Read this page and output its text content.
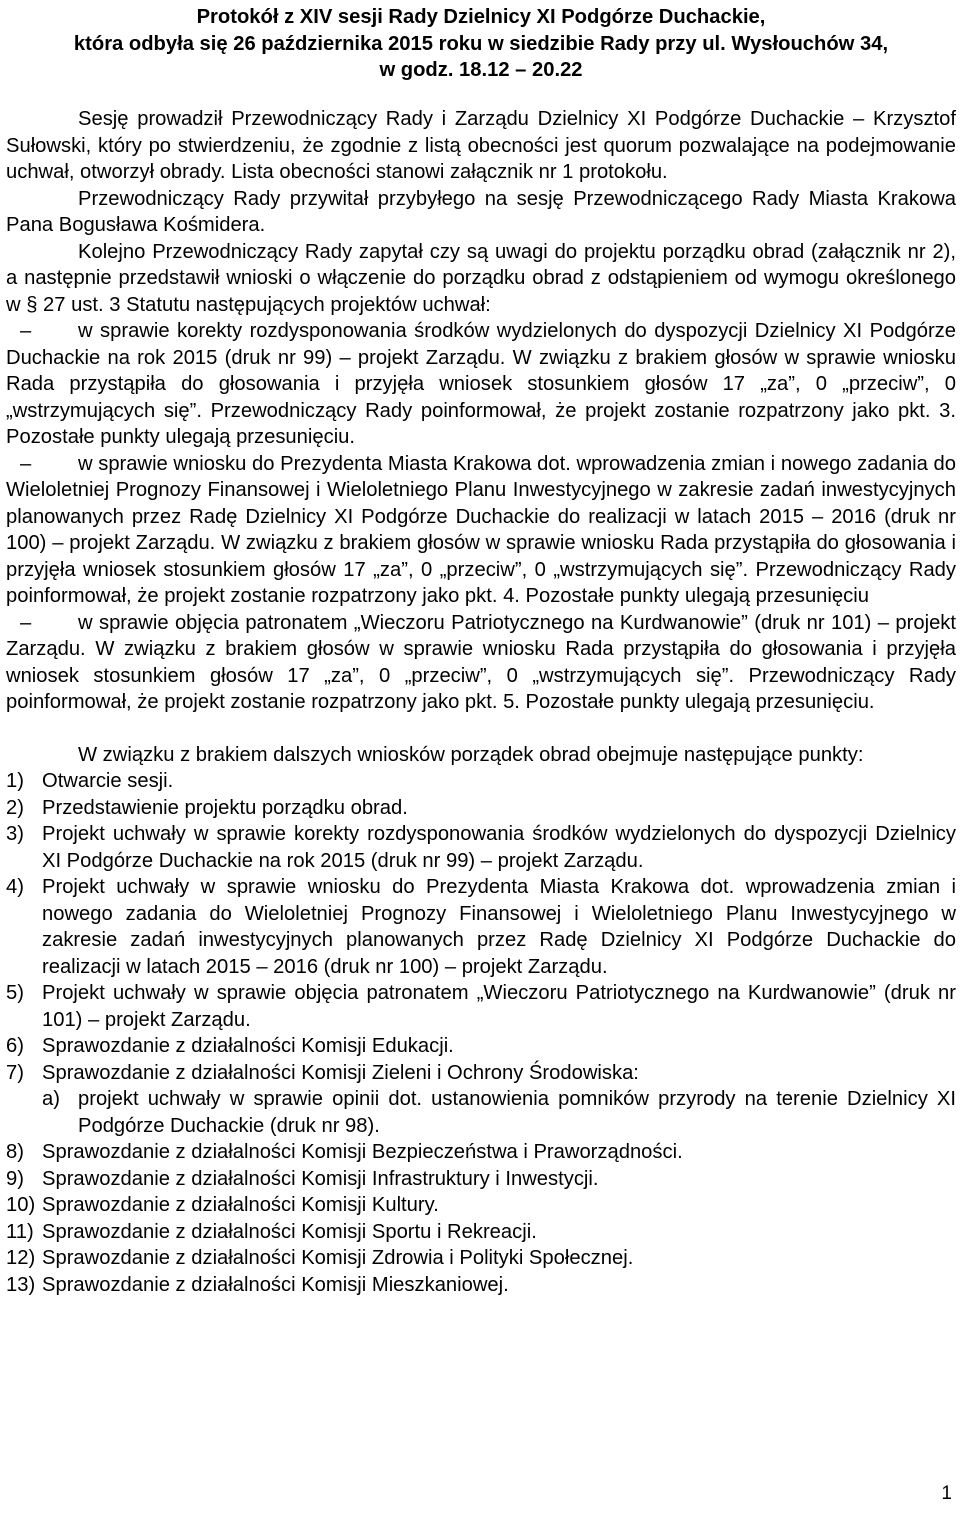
Protokół z XIV sesji Rady Dzielnicy XI Podgórze Duchackie,
która odbyła się 26 października 2015 roku w siedzibie Rady przy ul. Wysłouchów 34,
w godz. 18.12 – 20.22

Sesję prowadził Przewodniczący Rady i Zarządu Dzielnicy XI Podgórze Duchackie – Krzysztof Sułowski, który po stwierdzeniu, że zgodnie z listą obecności jest quorum pozwalające na podejmowanie uchwał, otworzył obrady. Lista obecności stanowi załącznik nr 1 protokołu.

Przewodniczący Rady przywitał przybyłego na sesję Przewodniczącego Rady Miasta Krakowa Pana Bogusława Kośmidera.

Kolejno Przewodniczący Rady zapytał czy są uwagi do projektu porządku obrad (załącznik nr 2), a następnie przedstawił wnioski o włączenie do porządku obrad z odstąpieniem od wymogu określonego w § 27 ust. 3 Statutu następujących projektów uchwał:

– w sprawie korekty rozdysponowania środków wydzielonych do dyspozycji Dzielnicy XI Podgórze Duchackie na rok 2015 (druk nr 99) – projekt Zarządu. W związku z brakiem głosów w sprawie wniosku Rada przystąpiła do głosowania i przyjęła wniosek stosunkiem głosów 17 „za”, 0 „przeciw”, 0 „wstrzymujących się”. Przewodniczący Rady poinformował, że projekt zostanie rozpatrzony jako pkt. 3. Pozostałe punkty ulegają przesunięciu.

– w sprawie wniosku do Prezydenta Miasta Krakowa dot. wprowadzenia zmian i nowego zadania do Wieloletniej Prognozy Finansowej i Wieloletniego Planu Inwestycyjnego w zakresie zadań inwestycyjnych planowanych przez Radę Dzielnicy XI Podgórze Duchackie do realizacji w latach 2015 – 2016 (druk nr 100) – projekt Zarządu. W związku z brakiem głosów w sprawie wniosku Rada przystąpiła do głosowania i przyjęła wniosek stosunkiem głosów 17 „za”, 0 „przeciw”, 0 „wstrzymujących się”. Przewodniczący Rady poinformował, że projekt zostanie rozpatrzony jako pkt. 4. Pozostałe punkty ulegają przesunięciu

– w sprawie objęcia patronatem „Wieczoru Patriotycznego na Kurdwanowie” (druk nr 101) – projekt Zarządu. W związku z brakiem głosów w sprawie wniosku Rada przystąpiła do głosowania i przyjęła wniosek stosunkiem głosów 17 „za”, 0 „przeciw”, 0 „wstrzymujących się”. Przewodniczący Rady poinformował, że projekt zostanie rozpatrzony jako pkt. 5. Pozostałe punkty ulegają przesunięciu.

W związku z brakiem dalszych wniosków porządek obrad obejmuje następujące punkty:

1) Otwarcie sesji.
2) Przedstawienie projektu porządku obrad.
3) Projekt uchwały w sprawie korekty rozdysponowania środków wydzielonych do dyspozycji Dzielnicy XI Podgórze Duchackie na rok 2015 (druk nr 99) – projekt Zarządu.
4) Projekt uchwały w sprawie wniosku do Prezydenta Miasta Krakowa dot. wprowadzenia zmian i nowego zadania do Wieloletniej Prognozy Finansowej i Wieloletniego Planu Inwestycyjnego w zakresie zadań inwestycyjnych planowanych przez Radę Dzielnicy XI Podgórze Duchackie do realizacji w latach 2015 – 2016 (druk nr 100) – projekt Zarządu.
5) Projekt uchwały w sprawie objęcia patronatem „Wieczoru Patriotycznego na Kurdwanowie” (druk nr 101) – projekt Zarządu.
6) Sprawozdanie z działalności Komisji Edukacji.
7) Sprawozdanie z działalności Komisji Zieleni i Ochrony Środowiska:
a) projekt uchwały w sprawie opinii dot. ustanowienia pomników przyrody na terenie Dzielnicy XI Podgórze Duchackie (druk nr 98).
8) Sprawozdanie z działalności Komisji Bezpieczeństwa i Praworządności.
9) Sprawozdanie z działalności Komisji Infrastruktury i Inwestycji.
10) Sprawozdanie z działalności Komisji Kultury.
11) Sprawozdanie z działalności Komisji Sportu i Rekreacji.
12) Sprawozdanie z działalności Komisji Zdrowia i Polityki Społecznej.
13) Sprawozdanie z działalności Komisji Mieszkaniowej.
1
